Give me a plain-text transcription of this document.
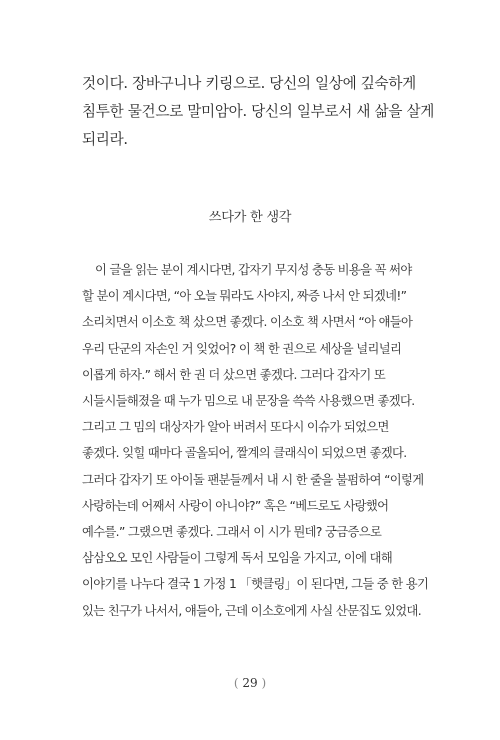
것이다. 장바구니나 키링으로. 당신의 일상에 깊숙하게
침투한 물건으로 말미암아. 당신의 일부로서 새 삶을 살게
되리라.
쓰다가 한 생각
이 글을 읽는 분이 계시다면, 갑자기 무지성 충동 비용을 꼭 써야
할 분이 계시다면, “아 오늘 뭐라도 사야지, 짜증 나서 안 되겠네!”
소리치면서 이소호 책 샀으면 좋겠다. 이소호 책 사면서 “아 얘들아
우리 단군의 자손인 거 잊었어? 이 책 한 권으로 세상을 널리널리
이롭게 하자.” 해서 한 권 더 샀으면 좋겠다. 그러다 갑자기 또
시들시들해졌을 때 누가 밈으로 내 문장을 쓱쓱 사용했으면 좋겠다.
그리고 그 밈의 대상자가 알아 버려서 또다시 이슈가 되었으면
좋겠다. 잊힐 때마다 골올되어, 짤계의 클래식이 되었으면 좋겠다.
그러다 갑자기 또 아이돌 팬분들께서 내 시 한 줄을 불펌하여 “이렇게
사랑하는데 어째서 사랑이 아니야?” 혹은 “베드로도 사랑했어
예수를.” 그랬으면 좋겠다. 그래서 이 시가 뭔데? 궁금증으로
삼삼오오 모인 사람들이 그렇게 독서 모임을 가지고, 이에 대해
이야기를 나누다 결국 1 가정 1 「햇클링」이 된다면, 그들 중 한 용기
있는 친구가 나서서, 얘들아, 근데 이소호에게 사실 산문집도 있었대.
( 29 )
